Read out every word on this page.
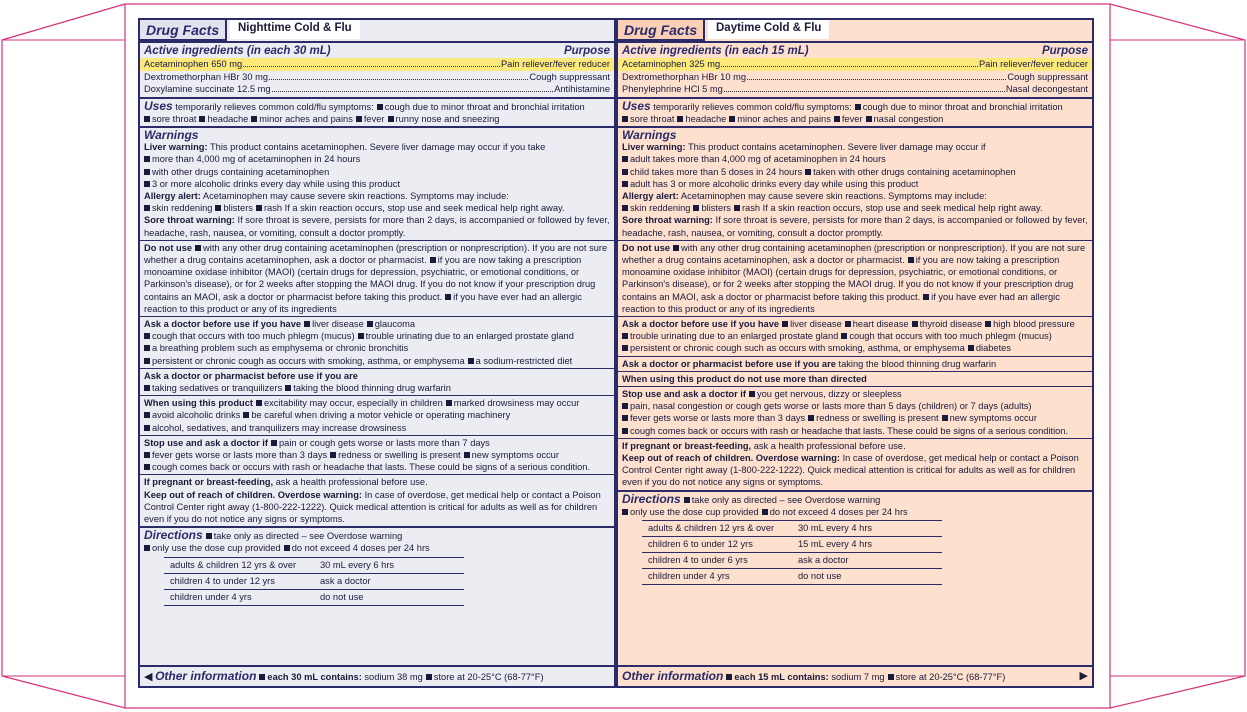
Drug Facts	Nighttime Cold & Flu
Active ingredients (in each 30 mL)	Purpose
Acetaminophen 650 mg	Pain reliever/fever reducer
Dextromethorphan HBr 30 mg	Cough suppressant
Doxylamine succinate 12.5 mg	Antihistamine
Uses temporarily relieves common cold/flu symptoms: cough due to minor throat and bronchial irritation
sore throat headache minor aches and pains fever runny nose and sneezing
Warnings
Liver warning: This product contains acetaminophen. Severe liver damage may occur if you take
more than 4,000 mg of acetaminophen in 24 hours
with other drugs containing acetaminophen
3 or more alcoholic drinks every day while using this product
Allergy alert: Acetaminophen may cause severe skin reactions. Symptoms may include:
skin reddening blisters rash If a skin reaction occurs, stop use and seek medical help right away.
Sore throat warning: If sore throat is severe, persists for more than 2 days, is accompanied or followed by fever, headache, rash, nausea, or vomiting, consult a doctor promptly.
Do not use with any other drug containing acetaminophen (prescription or nonprescription). If you are not sure whether a drug contains acetaminophen, ask a doctor or pharmacist. if you are now taking a prescription monoamine oxidase inhibitor (MAOI) (certain drugs for depression, psychiatric, or emotional conditions, or Parkinson's disease), or for 2 weeks after stopping the MAOI drug. If you do not know if your prescription drug contains an MAOI, ask a doctor or pharmacist before taking this product. if you have ever had an allergic reaction to this product or any of its ingredients
Ask a doctor before use if you have liver disease glaucoma
cough that occurs with too much phlegm (mucus) trouble urinating due to an enlarged prostate gland
a breathing problem such as emphysema or chronic bronchitis
persistent or chronic cough as occurs with smoking, asthma, or emphysema a sodium-restricted diet
Ask a doctor or pharmacist before use if you are
taking sedatives or tranquilizers taking the blood thinning drug warfarin
When using this product excitability may occur, especially in children marked drowsiness may occur
avoid alcoholic drinks be careful when driving a motor vehicle or operating machinery
alcohol, sedatives, and tranquilizers may increase drowsiness
Stop use and ask a doctor if pain or cough gets worse or lasts more than 7 days
fever gets worse or lasts more than 3 days redness or swelling is present new symptoms occur
cough comes back or occurs with rash or headache that lasts. These could be signs of a serious condition.
If pregnant or breast-feeding, ask a health professional before use.
Keep out of reach of children. Overdose warning: In case of overdose, get medical help or contact a Poison Control Center right away (1-800-222-1222). Quick medical attention is critical for adults as well as for children even if you do not notice any signs or symptoms.
Directions take only as directed – see Overdose warning
only use the dose cup provided do not exceed 4 doses per 24 hrs
adults & children 12 yrs & over	30 mL every 6 hrs
children 4 to under 12 yrs	ask a doctor
children under 4 yrs	do not use
◀ Other information each 30 mL contains: sodium 38 mg store at 20-25°C (68-77°F)
Drug Facts	Daytime Cold & Flu
Active ingredients (in each 15 mL)	Purpose
Acetaminophen 325 mg	Pain reliever/fever reducer
Dextromethorphan HBr 10 mg	Cough suppressant
Phenylephrine HCl 5 mg	Nasal decongestant
Uses temporarily relieves common cold/flu symptoms: cough due to minor throat and bronchial irritation
sore throat headache minor aches and pains fever nasal congestion
Warnings
Liver warning: This product contains acetaminophen. Severe liver damage may occur if
adult takes more than 4,000 mg of acetaminophen in 24 hours
child takes more than 5 doses in 24 hours taken with other drugs containing acetaminophen
adult has 3 or more alcoholic drinks every day while using this product
Allergy alert: Acetaminophen may cause severe skin reactions. Symptoms may include:
skin reddening blisters rash If a skin reaction occurs, stop use and seek medical help right away.
Sore throat warning: If sore throat is severe, persists for more than 2 days, is accompanied or followed by fever, headache, rash, nausea, or vomiting, consult a doctor promptly.
Do not use with any other drug containing acetaminophen (prescription or nonprescription). If you are not sure whether a drug contains acetaminophen, ask a doctor or pharmacist. if you are now taking a prescription monoamine oxidase inhibitor (MAOI) (certain drugs for depression, psychiatric, or emotional conditions, or Parkinson's disease), or for 2 weeks after stopping the MAOI drug. If you do not know if your prescription drug contains an MAOI, ask a doctor or pharmacist before taking this product. if you have ever had an allergic reaction to this product or any of its ingredients
Ask a doctor before use if you have liver disease heart disease thyroid disease high blood pressure
trouble urinating due to an enlarged prostate gland cough that occurs with too much phlegm (mucus)
persistent or chronic cough such as occurs with smoking, asthma, or emphysema diabetes
Ask a doctor or pharmacist before use if you are taking the blood thinning drug warfarin
When using this product do not use more than directed
Stop use and ask a doctor if you get nervous, dizzy or sleepless
pain, nasal congestion or cough gets worse or lasts more than 5 days (children) or 7 days (adults)
fever gets worse or lasts more than 3 days redness or swelling is present new symptoms occur
cough comes back or occurs with rash or headache that lasts. These could be signs of a serious condition.
If pregnant or breast-feeding, ask a health professional before use.
Keep out of reach of children. Overdose warning: In case of overdose, get medical help or contact a Poison Control Center right away (1-800-222-1222). Quick medical attention is critical for adults as well as for children even if you do not notice any signs or symptoms.
Directions take only as directed – see Overdose warning
only use the dose cup provided do not exceed 4 doses per 24 hrs
adults & children 12 yrs & over	30 mL every 4 hrs
children 6 to under 12 yrs	15 mL every 4 hrs
children 4 to under 6 yrs	ask a doctor
children under 4 yrs	do not use
Other information each 15 mL contains: sodium 7 mg store at 20-25°C (68-77°F)	▶
